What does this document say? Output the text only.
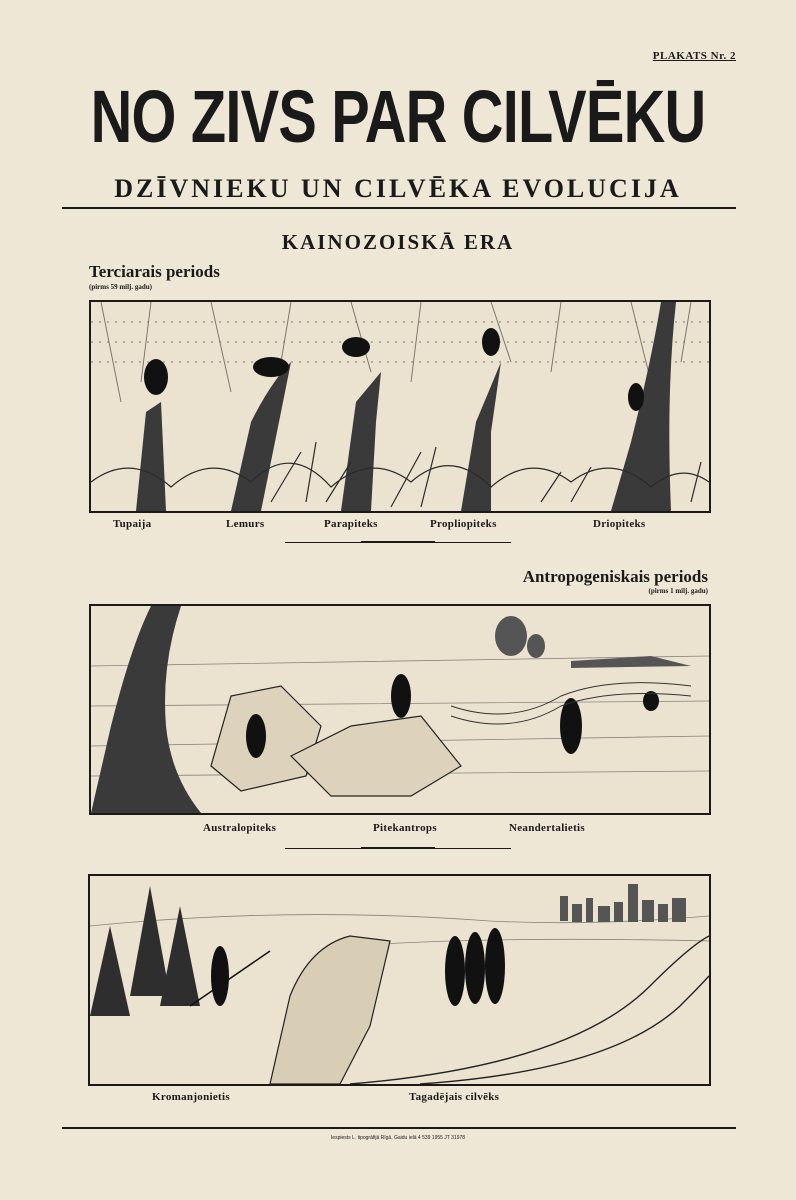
PLAKATS Nr. 2
NO ZIVS PAR CILVĒKU
DZĪVNIEKU UN CILVĒKA EVOLUCIJA
KAINOZOISKĀ ERA
Terciarais periods
(pirms 59 milj. gadu)
Tupaija	Lemurs	Parapiteks	Propliopiteks	Driopiteks
Antropogeniskais periods
(pirms 1 milj. gadu)
Australopiteks	Pitekantrops	Neandertalietis
Kromanjonietis	Tagadējais cilvēks
Iespiests L. tipogrāfijā Rīgā, Gaidu ielā 4 539 1955 JT 31978
